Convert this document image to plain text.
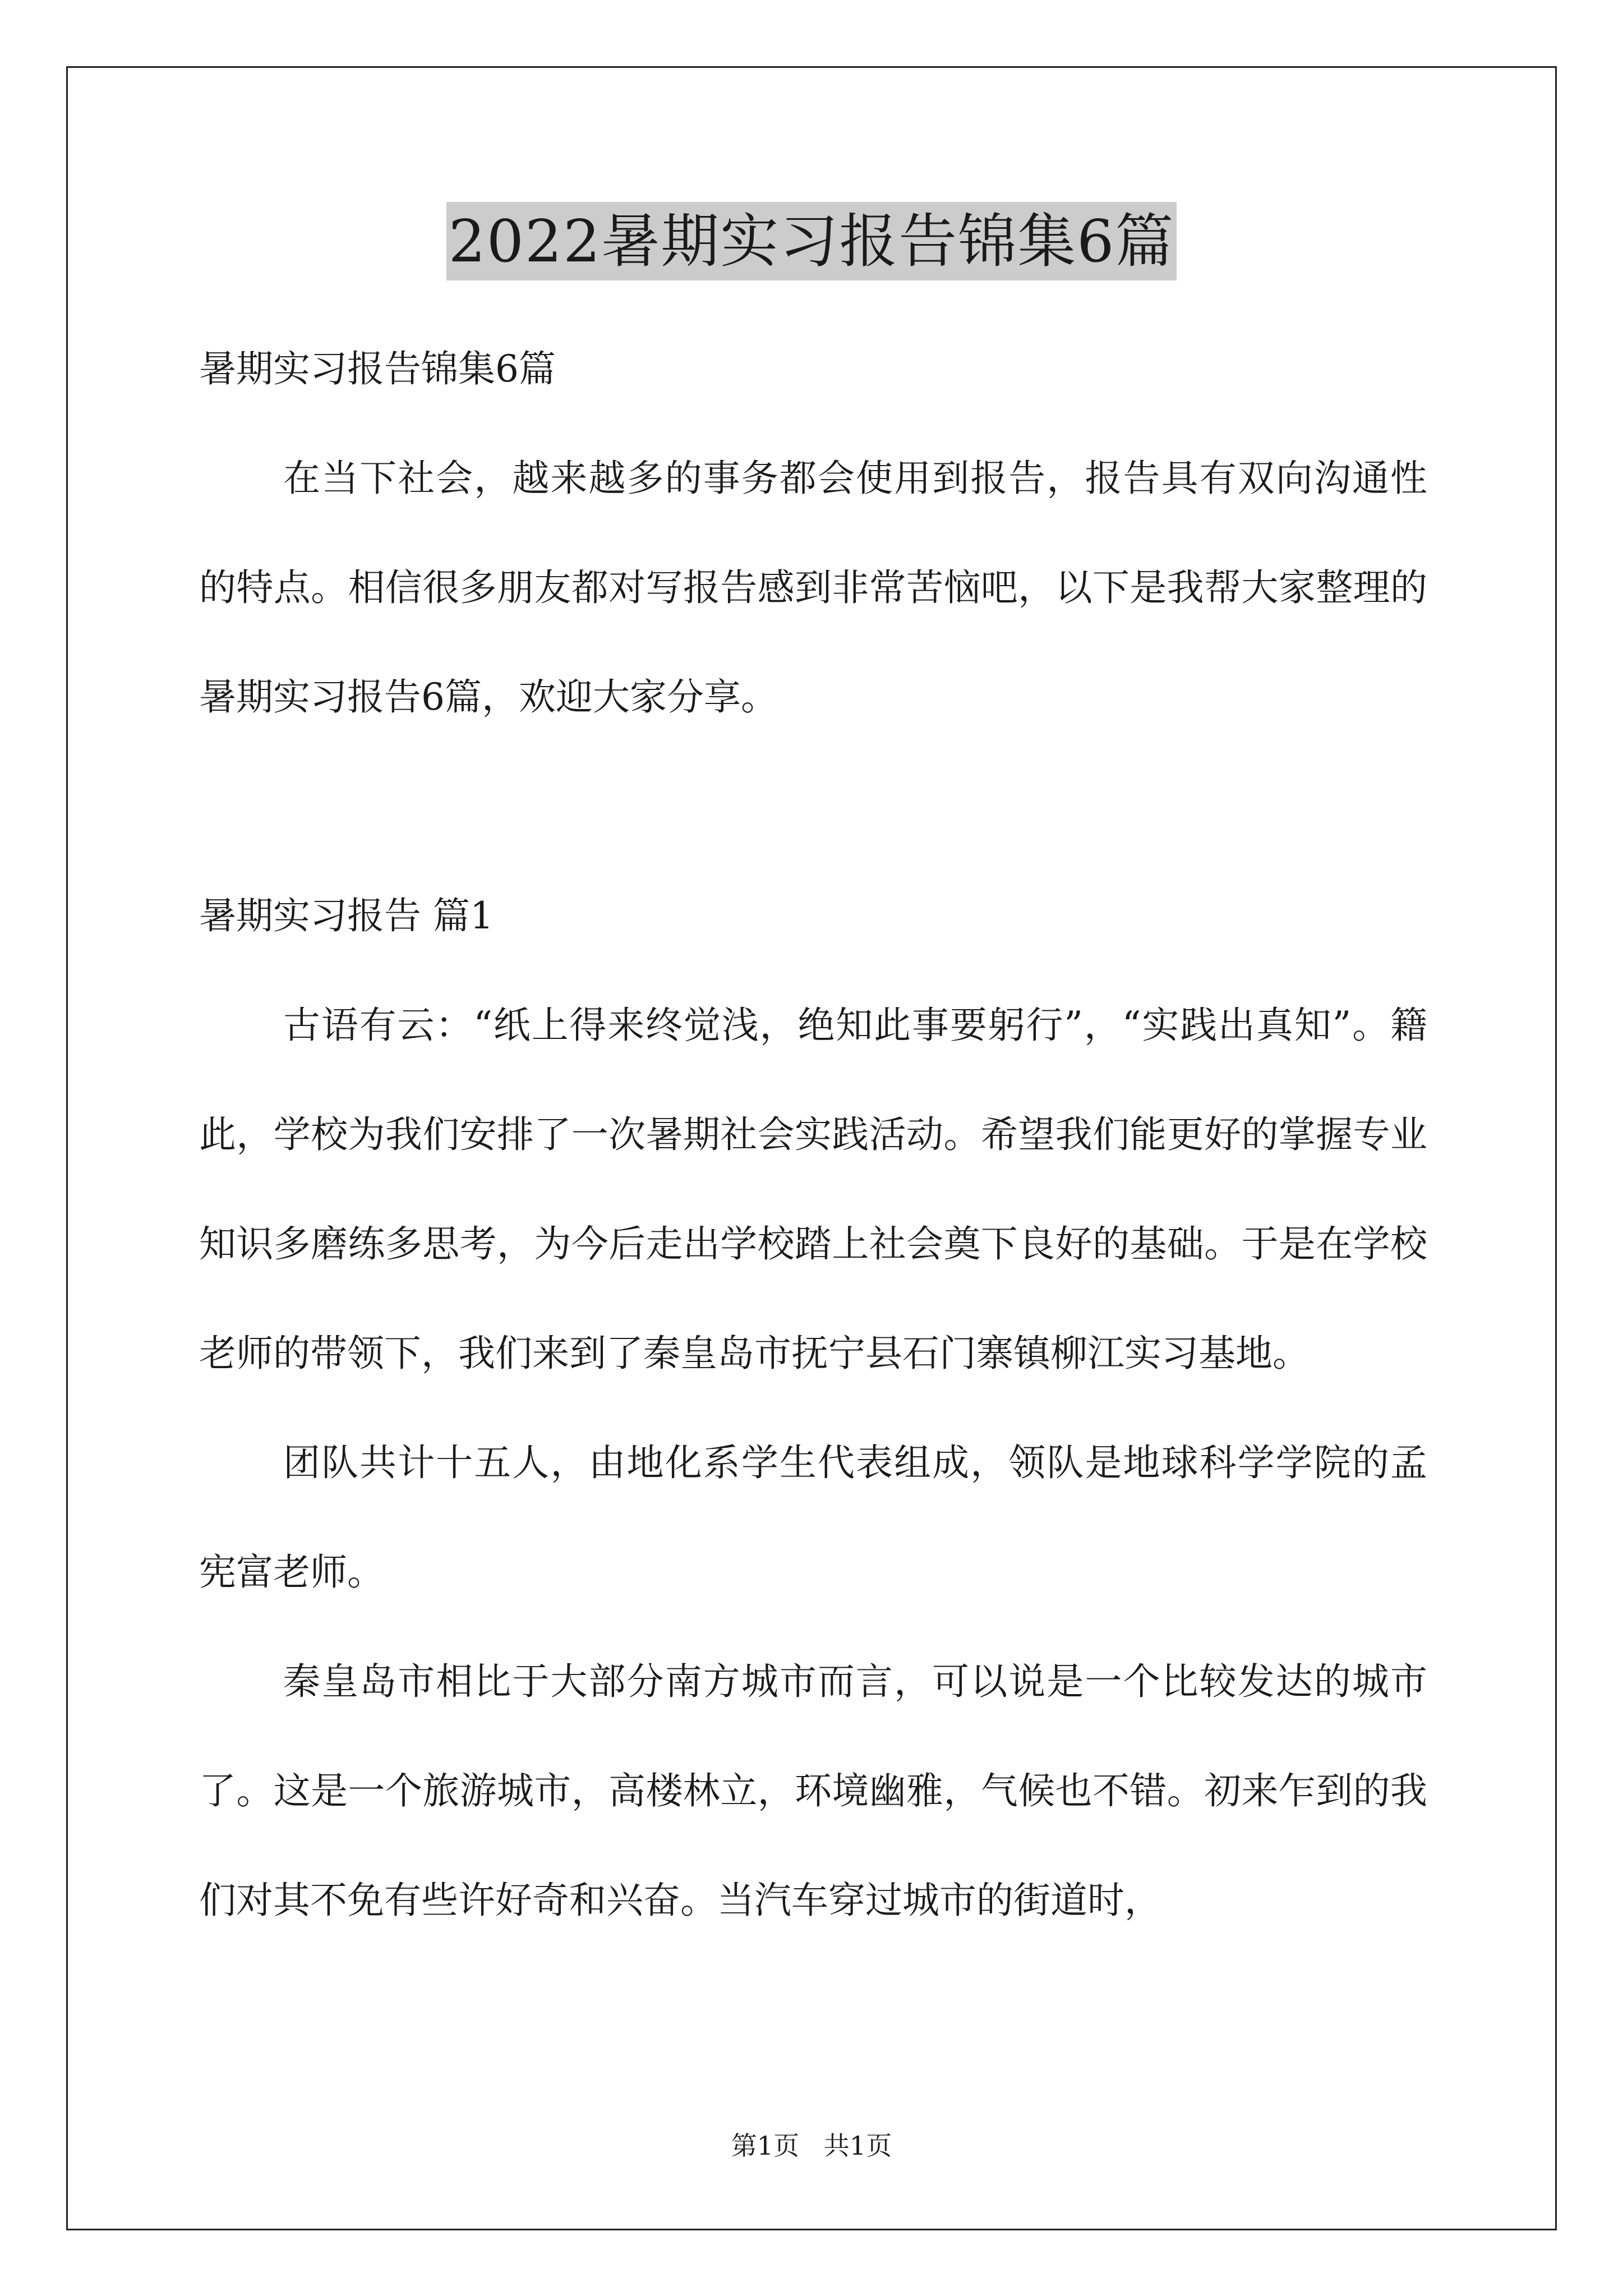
2022暑期实习报告锦集6篇

暑期实习报告锦集6篇

在当下社会，越来越多的事务都会使用到报告，报告具有双向沟通性的特点。相信很多朋友都对写报告感到非常苦恼吧，以下是我帮大家整理的暑期实习报告6篇，欢迎大家分享。

暑期实习报告 篇1

古语有云：“纸上得来终觉浅，绝知此事要躬行”，“实践出真知”。籍此，学校为我们安排了一次暑期社会实践活动。希望我们能更好的掌握专业知识多磨练多思考，为今后走出学校踏上社会奠下良好的基础。于是在学校老师的带领下，我们来到了秦皇岛市抚宁县石门寨镇柳江实习基地。

团队共计十五人，由地化系学生代表组成，领队是地球科学学院的孟宪富老师。

秦皇岛市相比于大部分南方城市而言，可以说是一个比较发达的城市了。这是一个旅游城市，高楼林立，环境幽雅，气候也不错。初来乍到的我们对其不免有些许好奇和兴奋。当汽车穿过城市的街道时，

第1页   共1页
